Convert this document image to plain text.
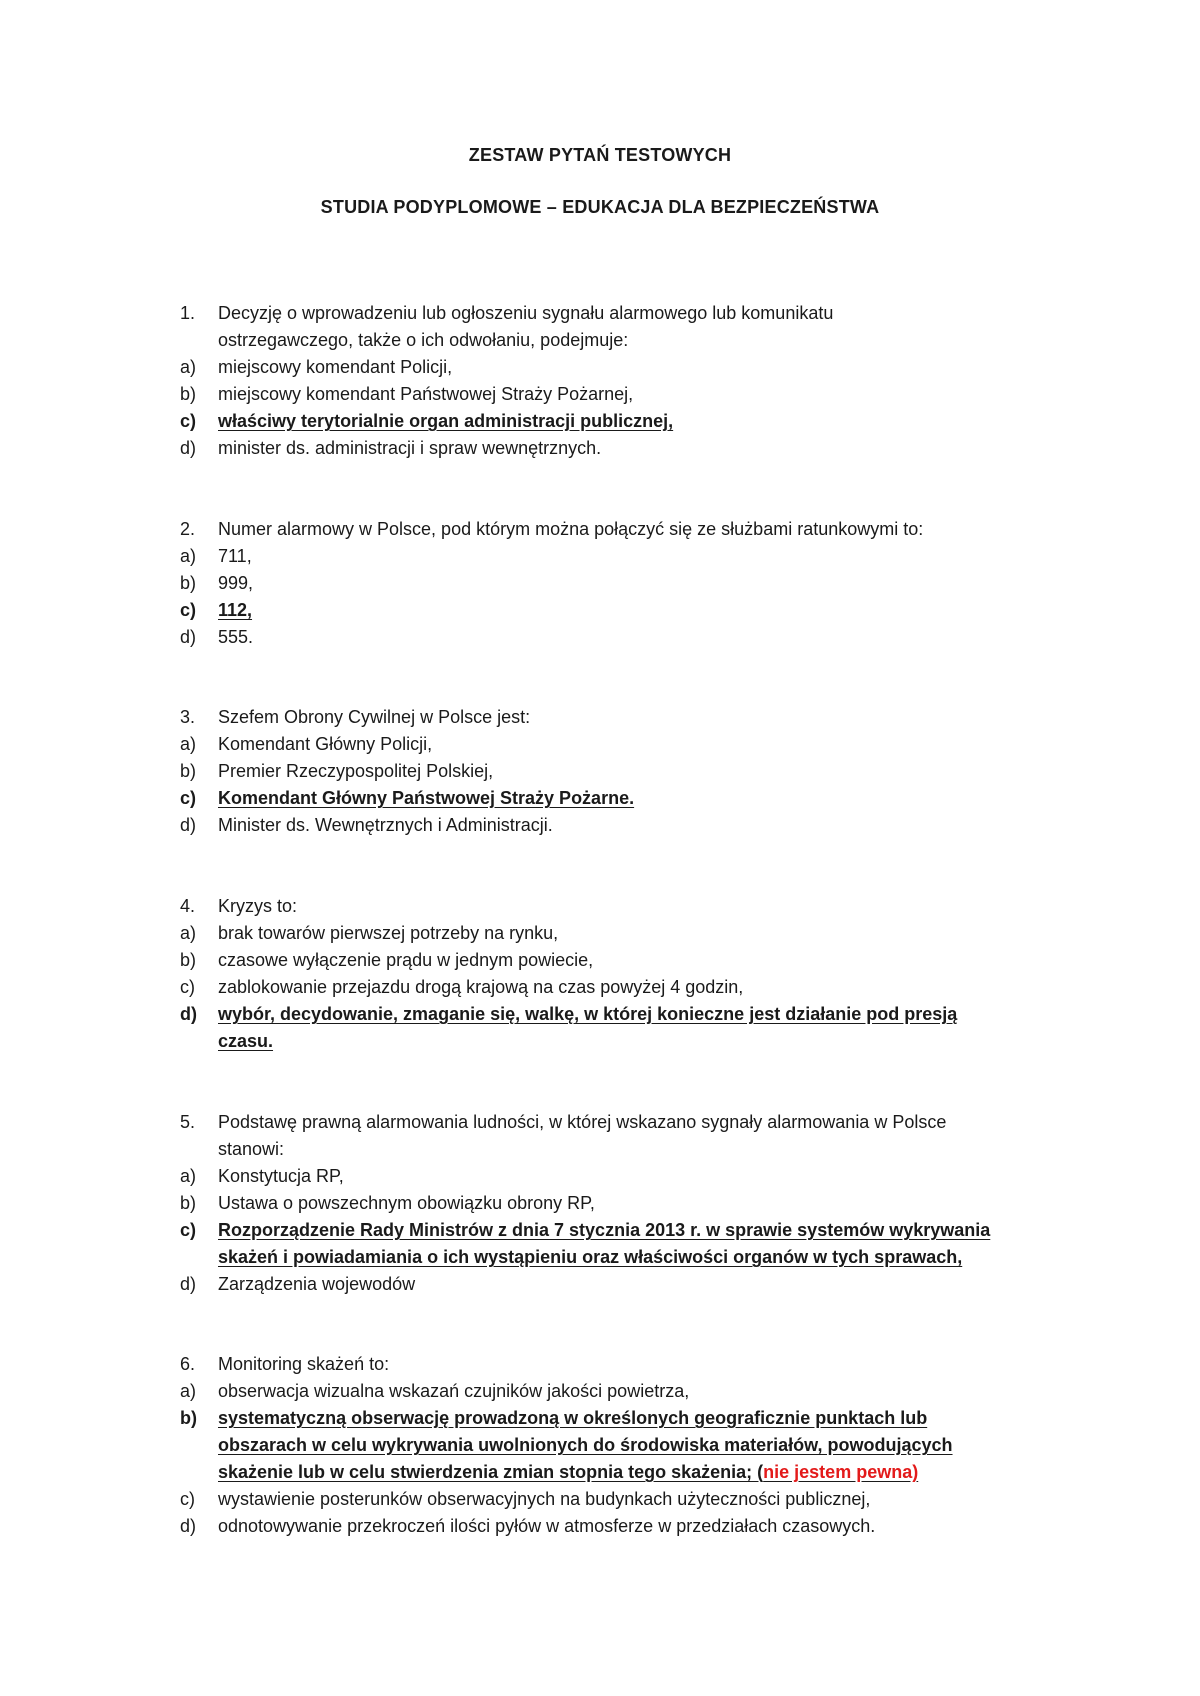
ZESTAW PYTAŃ TESTOWYCH
STUDIA PODYPLOMOWE – EDUKACJA DLA BEZPIECZEŃSTWA
1.	Decyzję o wprowadzeniu lub ogłoszeniu sygnału alarmowego lub komunikatu
ostrzegawczego, także o ich odwołaniu, podejmuje:
a)	miejscowy komendant Policji,
b)	miejscowy komendant Państwowej Straży Pożarnej,
c)	właściwy terytorialnie organ administracji publicznej,
d)	minister ds. administracji i spraw wewnętrznych.
2.	Numer alarmowy w Polsce, pod którym można połączyć się ze służbami ratunkowymi to:
a)	711,
b)	999,
c)	112,
d)	555.
3.	Szefem Obrony Cywilnej w Polsce jest:
a)	Komendant Główny Policji,
b)	Premier Rzeczypospolitej Polskiej,
c)	Komendant Główny Państwowej Straży Pożarne.
d)	Minister ds. Wewnętrznych i Administracji.
4.	Kryzys to:
a)	brak towarów pierwszej potrzeby na rynku,
b)	czasowe wyłączenie prądu w jednym powiecie,
c)	zablokowanie przejazdu drogą krajową na czas powyżej 4 godzin,
d)	wybór, decydowanie, zmaganie się, walkę, w której konieczne jest działanie pod presją
czasu.
5.	Podstawę prawną alarmowania ludności, w której wskazano sygnały alarmowania w Polsce
stanowi:
a)	Konstytucja RP,
b)	Ustawa o powszechnym obowiązku obrony RP,
c)	Rozporządzenie Rady Ministrów z dnia 7 stycznia 2013 r. w sprawie systemów wykrywania
skażeń i powiadamiania o ich wystąpieniu oraz właściwości organów w tych sprawach,
d)	Zarządzenia wojewodów
6.	Monitoring skażeń to:
a)	obserwacja wizualna wskazań czujników jakości powietrza,
b)	systematyczną obserwację prowadzoną w określonych geograficznie punktach lub
obszarach w celu wykrywania uwolnionych do środowiska materiałów, powodujących
skażenie lub w celu stwierdzenia zmian stopnia tego skażenia; (nie jestem pewna)
c)	wystawienie posterunków obserwacyjnych na budynkach użyteczności publicznej,
d)	odnotowywanie przekroczeń ilości pyłów w atmosferze w przedziałach czasowych.
